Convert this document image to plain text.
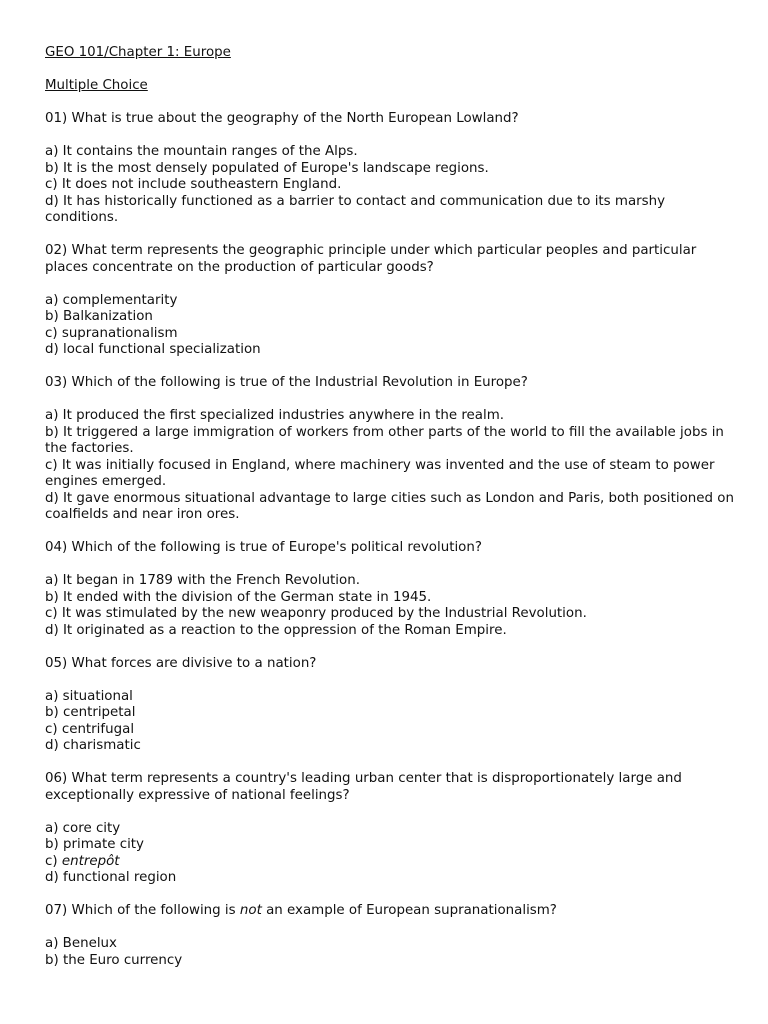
GEO 101/Chapter 1: Europe
Multiple Choice
01) What is true about the geography of the North European Lowland?
a) It contains the mountain ranges of the Alps.
b) It is the most densely populated of Europe's landscape regions.
c) It does not include southeastern England.
d) It has historically functioned as a barrier to contact and communication due to its marshy conditions.
02) What term represents the geographic principle under which particular peoples and particular places concentrate on the production of particular goods?
a) complementarity
b) Balkanization
c) supranationalism
d) local functional specialization
03) Which of the following is true of the Industrial Revolution in Europe?
a) It produced the first specialized industries anywhere in the realm.
b) It triggered a large immigration of workers from other parts of the world to fill the available jobs in the factories.
c) It was initially focused in England, where machinery was invented and the use of steam to power engines emerged.
d) It gave enormous situational advantage to large cities such as London and Paris, both positioned on coalfields and near iron ores.
04) Which of the following is true of Europe's political revolution?
a) It began in 1789 with the French Revolution.
b) It ended with the division of the German state in 1945.
c) It was stimulated by the new weaponry produced by the Industrial Revolution.
d) It originated as a reaction to the oppression of the Roman Empire.
05) What forces are divisive to a nation?
a) situational
b) centripetal
c) centrifugal
d) charismatic
06) What term represents a country's leading urban center that is disproportionately large and exceptionally expressive of national feelings?
a) core city
b) primate city
c) entrepôt
d) functional region
07) Which of the following is not an example of European supranationalism?
a) Benelux
b) the Euro currency
